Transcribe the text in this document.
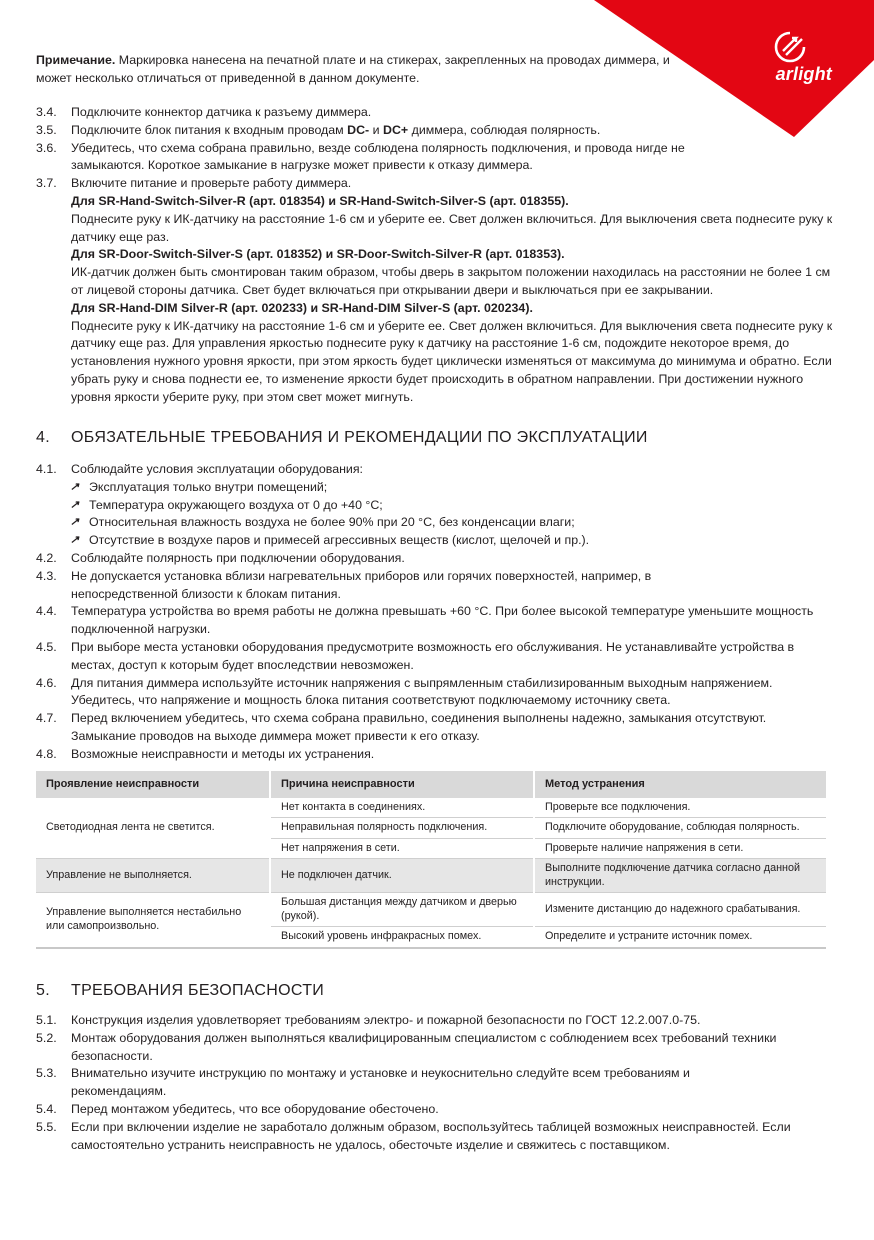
arlight
Примечание. Маркировка нанесена на печатной плате и на стикерах, закрепленных на проводах диммера, и может несколько отличаться от приведенной в данном документе.
3.4. Подключите коннектор датчика к разъему диммера.
3.5. Подключите блок питания к входным проводам DC- и DC+ диммера, соблюдая полярность.
3.6. Убедитесь, что схема собрана правильно, везде соблюдена полярность подключения, и провода нигде не замыкаются. Короткое замыкание в нагрузке может привести к отказу диммера.
3.7. Включите питание и проверьте работу диммера.
Для SR-Hand-Switch-Silver-R (арт. 018354) и SR-Hand-Switch-Silver-S (арт. 018355).
Поднесите руку к ИК-датчику на расстояние 1-6 см и уберите ее. Свет должен включиться. Для выключения света поднесите руку к датчику еще раз.
Для SR-Door-Switch-Silver-S (арт. 018352) и SR-Door-Switch-Silver-R (арт. 018353).
ИК-датчик должен быть смонтирован таким образом, чтобы дверь в закрытом положении находилась на расстоянии не более 1 см от лицевой стороны датчика. Свет будет включаться при открывании двери и выключаться при ее закрывании.
Для SR-Hand-DIM Silver-R (арт. 020233) и SR-Hand-DIM Silver-S (арт. 020234).
Поднесите руку к ИК-датчику на расстояние 1-6 см и уберите ее. Свет должен включиться. Для выключения света поднесите руку к датчику еще раз. Для управления яркостью поднесите руку к датчику на расстояние 1-6 см, подождите некоторое время, до установления нужного уровня яркости, при этом яркость будет циклически изменяться от максимума до минимума и обратно. Если убрать руку и снова поднести ее, то изменение яркости будет происходить в обратном направлении. При достижении нужного уровня яркости уберите руку, при этом свет может мигнуть.
4. ОБЯЗАТЕЛЬНЫЕ ТРЕБОВАНИЯ И РЕКОМЕНДАЦИИ ПО ЭКСПЛУАТАЦИИ
4.1. Соблюдайте условия эксплуатации оборудования:
↗ Эксплуатация только внутри помещений;
↗ Температура окружающего воздуха от 0 до +40 °C;
↗ Относительная влажность воздуха не более 90% при 20 °C, без конденсации влаги;
↗ Отсутствие в воздухе паров и примесей агрессивных веществ (кислот, щелочей и пр.).
4.2. Соблюдайте полярность при подключении оборудования.
4.3. Не допускается установка вблизи нагревательных приборов или горячих поверхностей, например, в непосредственной близости к блокам питания.
4.4. Температура устройства во время работы не должна превышать +60 °C. При более высокой температуре уменьшите мощность подключенной нагрузки.
4.5. При выборе места установки оборудования предусмотрите возможность его обслуживания. Не устанавливайте устройства в местах, доступ к которым будет впоследствии невозможен.
4.6. Для питания диммера используйте источник напряжения с выпрямленным стабилизированным выходным напряжением. Убедитесь, что напряжение и мощность блока питания соответствуют подключаемому источнику света.
4.7. Перед включением убедитесь, что схема собрана правильно, соединения выполнены надежно, замыкания отсутствуют. Замыкание проводов на выходе диммера может привести к его отказу.
4.8. Возможные неисправности и методы их устранения.
Проявление неисправности	Причина неисправности	Метод устранения
Светодиодная лента не светится.	Нет контакта в соединениях.	Проверьте все подключения.
	Неправильная полярность подключения.	Подключите оборудование, соблюдая полярность.
	Нет напряжения в сети.	Проверьте наличие напряжения в сети.
Управление не выполняется.	Не подключен датчик.	Выполните подключение датчика согласно данной инструкции.
Управление выполняется нестабильно или самопроизвольно.	Большая дистанция между датчиком и дверью (рукой).	Измените дистанцию до надежного срабатывания.
	Высокий уровень инфракрасных помех.	Определите и устраните источник помех.
5. ТРЕБОВАНИЯ БЕЗОПАСНОСТИ
5.1. Конструкция изделия удовлетворяет требованиям электро- и пожарной безопасности по ГОСТ 12.2.007.0-75.
5.2. Монтаж оборудования должен выполняться квалифицированным специалистом с соблюдением всех требований техники безопасности.
5.3. Внимательно изучите инструкцию по монтажу и установке и неукоснительно следуйте всем требованиям и рекомендациям.
5.4. Перед монтажом убедитесь, что все оборудование обесточено.
5.5. Если при включении изделие не заработало должным образом, воспользуйтесь таблицей возможных неисправностей. Если самостоятельно устранить неисправность не удалось, обесточьте изделие и свяжитесь с поставщиком.
